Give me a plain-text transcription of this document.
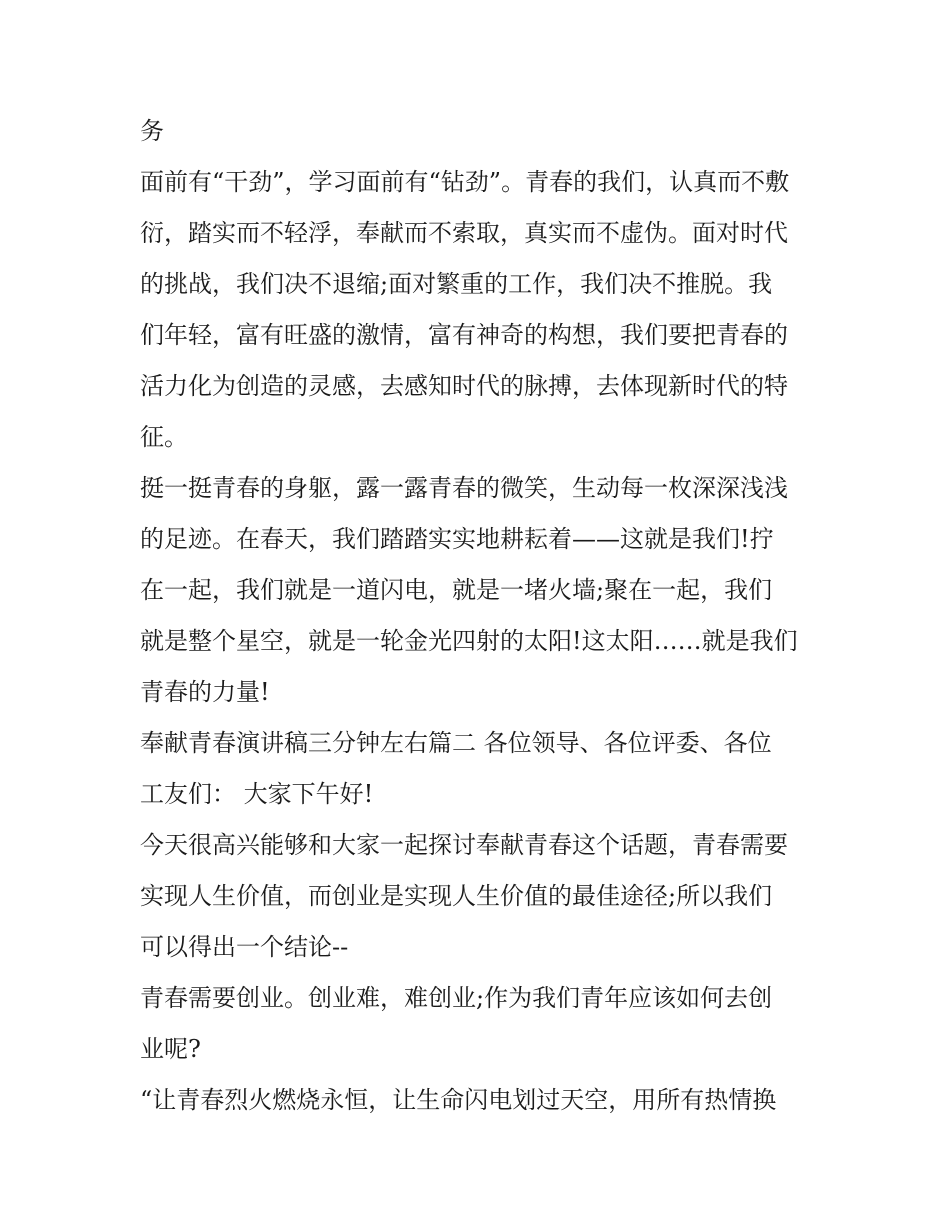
务
面前有“干劲”，学习面前有“钻劲”。青春的我们，认真而不敷
衍，踏实而不轻浮，奉献而不索取，真实而不虚伪。面对时代
的挑战，我们决不退缩;面对繁重的工作，我们决不推脱。我
们年轻，富有旺盛的激情，富有神奇的构想，我们要把青春的
活力化为创造的灵感，去感知时代的脉搏，去体现新时代的特
征。
挺一挺青春的身躯，露一露青春的微笑，生动每一枚深深浅浅
的足迹。在春天，我们踏踏实实地耕耘着——这就是我们!拧
在一起，我们就是一道闪电，就是一堵火墙;聚在一起，我们
就是整个星空，就是一轮金光四射的太阳!这太阳……就是我们
青春的力量!
奉献青春演讲稿三分钟左右篇二 各位领导、各位评委、各位
工友们： 大家下午好!
今天很高兴能够和大家一起探讨奉献青春这个话题，青春需要
实现人生价值，而创业是实现人生价值的最佳途径;所以我们
可以得出一个结论--
青春需要创业。创业难，难创业;作为我们青年应该如何去创
业呢?
“让青春烈火燃烧永恒，让生命闪电划过天空，用所有热情换
